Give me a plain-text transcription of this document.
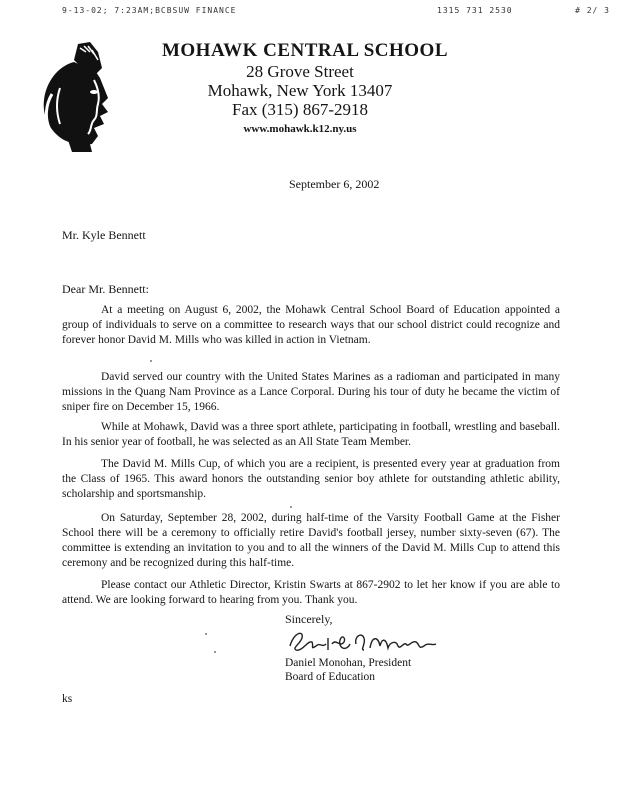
9-13-02; 7:23AM;BCBSUW FINANCE	1315 731 2530	# 2/ 3
MOHAWK CENTRAL SCHOOL
28 Grove Street
Mohawk, New York 13407
Fax (315) 867-2918
www.mohawk.k12.ny.us
September 6, 2002
Mr. Kyle Bennett
Dear Mr. Bennett:

At a meeting on August 6, 2002, the Mohawk Central School Board of Education appointed a group of individuals to serve on a committee to research ways that our school district could recognize and forever honor David M. Mills who was killed in action in Vietnam.

David served our country with the United States Marines as a radioman and participated in many missions in the Quang Nam Province as a Lance Corporal. During his tour of duty he became the victim of sniper fire on December 15, 1966.

While at Mohawk, David was a three sport athlete, participating in football, wrestling and baseball. In his senior year of football, he was selected as an All State Team Member.

The David M. Mills Cup, of which you are a recipient, is presented every year at graduation from the Class of 1965. This award honors the outstanding senior boy athlete for outstanding athletic ability, scholarship and sportsmanship.

On Saturday, September 28, 2002, during half-time of the Varsity Football Game at the Fisher School there will be a ceremony to officially retire David's football jersey, number sixty-seven (67). The committee is extending an invitation to you and to all the winners of the David M. Mills Cup to attend this ceremony and be recognized during this half-time.

Please contact our Athletic Director, Kristin Swarts at 867-2902 to let her know if you are able to attend. We are looking forward to hearing from you. Thank you.

Sincerely,
Daniel Monohan, President
Board of Education
ks
